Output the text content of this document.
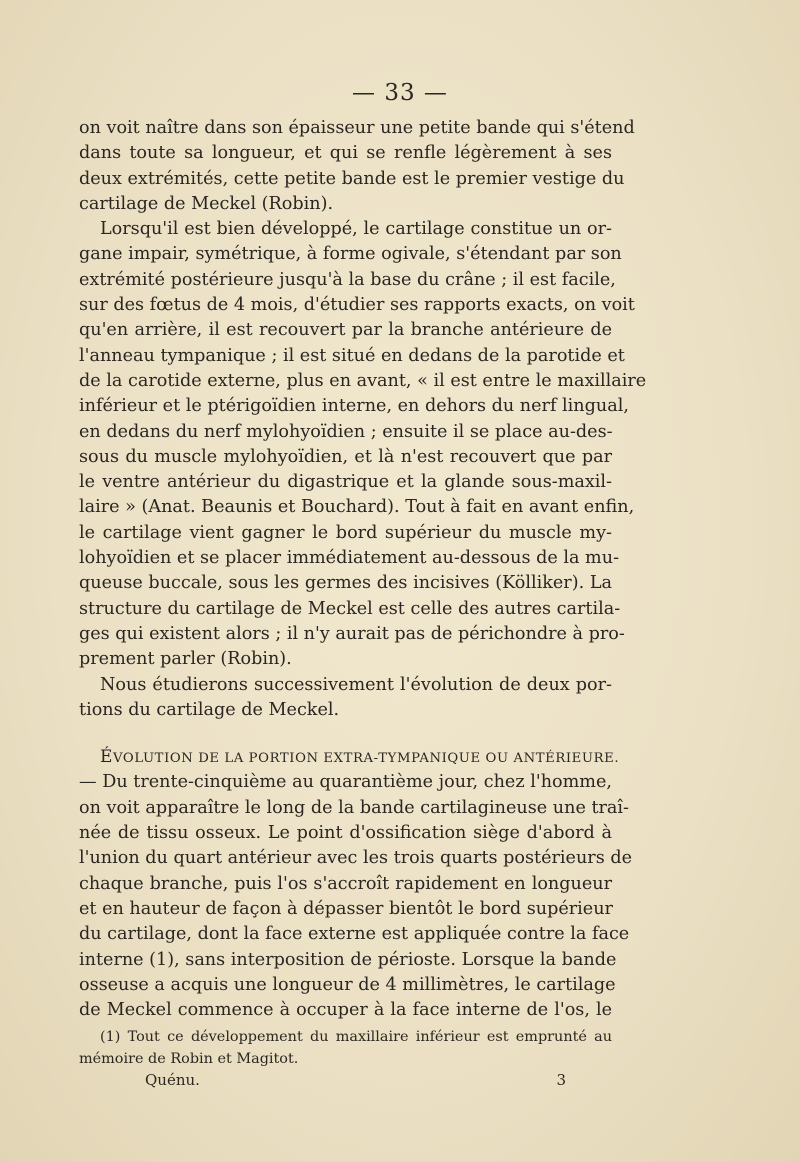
— 33 —
on voit naître dans son épaisseur une petite bande qui s'étend
dans toute sa longueur, et qui se renfle légèrement à ses
deux extrémités, cette petite bande est le premier vestige du
cartilage de Meckel (Robin).
Lorsqu'il est bien développé, le cartilage constitue un or-
gane impair, symétrique, à forme ogivale, s'étendant par son
extrémité postérieure jusqu'à la base du crâne ; il est facile,
sur des fœtus de 4 mois, d'étudier ses rapports exacts, on voit
qu'en arrière, il est recouvert par la branche antérieure de
l'anneau tympanique ; il est situé en dedans de la parotide et
de la carotide externe, plus en avant, « il est entre le maxillaire
inférieur et le ptérigoïdien interne, en dehors du nerf lingual,
en dedans du nerf mylohyoïdien ; ensuite il se place au-des-
sous du muscle mylohyoïdien, et là n'est recouvert que par
le ventre antérieur du digastrique et la glande sous-maxil-
laire » (Anat. Beaunis et Bouchard). Tout à fait en avant enfin,
le cartilage vient gagner le bord supérieur du muscle my-
lohyoïdien et se placer immédiatement au-dessous de la mu-
queuse buccale, sous les germes des incisives (Kölliker). La
structure du cartilage de Meckel est celle des autres cartila-
ges qui existent alors ; il n'y aurait pas de périchondre à pro-
prement parler (Robin).
Nous étudierons successivement l'évolution de deux por-
tions du cartilage de Meckel.
ÉVOLUTION DE LA PORTION EXTRA-TYMPANIQUE OU ANTÉRIEURE.
— Du trente-cinquième au quarantième jour, chez l'homme,
on voit apparaître le long de la bande cartilagineuse une traî-
née de tissu osseux. Le point d'ossification siège d'abord à
l'union du quart antérieur avec les trois quarts postérieurs de
chaque branche, puis l'os s'accroît rapidement en longueur
et en hauteur de façon à dépasser bientôt le bord supérieur
du cartilage, dont la face externe est appliquée contre la face
interne (1), sans interposition de périoste. Lorsque la bande
osseuse a acquis une longueur de 4 millimètres, le cartilage
de Meckel commence à occuper à la face interne de l'os, le
(1) Tout ce développement du maxillaire inférieur est emprunté au
mémoire de Robin et Magitot.
Quénu.	3
